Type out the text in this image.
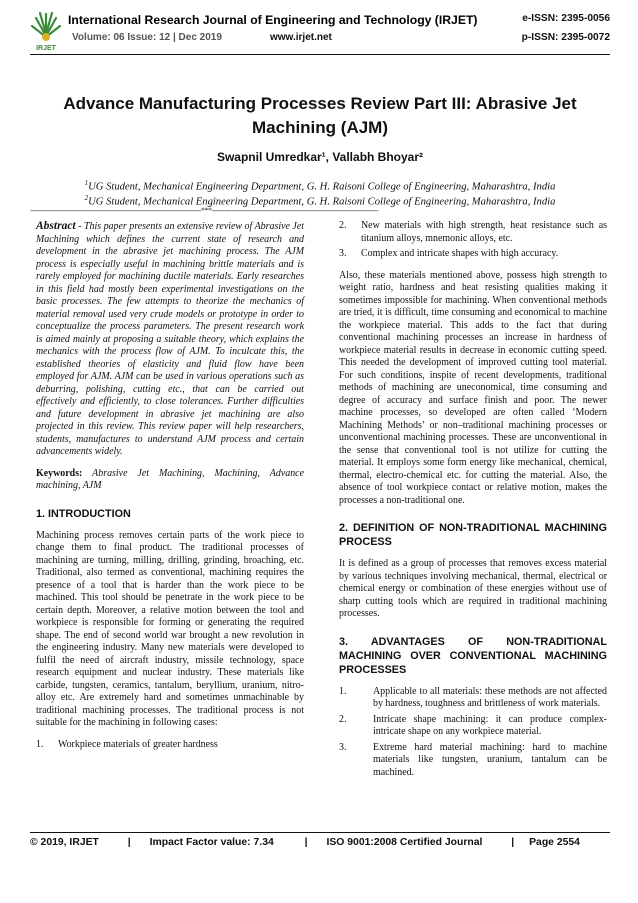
IRJET
International Research Journal of Engineering and Technology (IRJET)	e-ISSN: 2395-0056
Volume: 06 Issue: 12 | Dec 2019	www.irjet.net	p-ISSN: 2395-0072
Advance Manufacturing Processes Review Part III: Abrasive Jet Machining (AJM)
Swapnil Umredkar¹, Vallabh Bhoyar²
$^1$UG Student, Mechanical Engineering Department, G. H. Raisoni College of Engineering, Maharashtra, India
$^2$UG Student, Mechanical Engineering Department, G. H. Raisoni College of Engineering, Maharashtra, India
-------------------------------------------------------------------------------***-----------------------------------------------------------------------------

Abstract - This paper presents an extensive review of Abrasive Jet Machining which defines the current state of research and development in the abrasive jet machining process. The AJM process is especially useful in machining brittle materials and is rarely employed for machining ductile materials. Early researches in this field had mostly been experimental investigations on the basic processes. The few attempts to theorize the mechanics of material removal used very crude models or prototype in order to conceptualize the process parameters. The present research work is aimed mainly at proposing a suitable theory, which explains the mechanics with the process flow of AJM. To inculcate this, the established theories of elasticity and fluid flow have been employed for AJM. AJM can be used in various operations such as deburring, polishing, cutting etc., that can be carried out effectively and efficiently, to close tolerances. Further difficulties and future development in abrasive jet machining are also projected in this review. This review paper will help researchers, students, manufactures to understand AJM process and certain advancements widely.

Keywords: Abrasive Jet Machining, Machining, Advance machining, AJM

1. INTRODUCTION

Machining process removes certain parts of the work piece to change them to final product. The traditional processes of machining are turning, milling, drilling, grinding, broaching, etc. Traditional, also termed as conventional, machining requires the presence of a tool that is harder than the work piece to be machined. This tool should be penetrate in the work piece to be certain depth. Moreover, a relative motion between the tool and workpiece is responsible for forming or generating the required shape. The end of second world war brought a new revolution in the engineering industry. Many new materials were developed to fulfil the need of aircraft industry, missile technology, space research equipment and nuclear industry. These materials like carbide, tungsten, ceramics, tantalum, beryllium, uranium, nitro-alloy etc. Are extremely hard and sometimes unmachinable by traditional machining processes. The traditional process is not suitable for the machining in following cases:

1.	Workpiece materials of greater hardness

2.	New materials with high strength, heat resistance such as titanium alloys, mnemonic alloys, etc.

3.	Complex and intricate shapes with high accuracy.

Also, these materials mentioned above, possess high strength to weight ratio, hardness and heat resisting qualities making it sometimes impossible for machining. When conventional methods are tried, it is difficult, time consuming and economical to machine the workpiece material. This adds to the fact that during conventional machining processes an increase in hardness of workpiece material results in decrease in economic cutting speed. This needed the development of improved cutting tool material. For such conditions, inspite of recent developments, traditional methods of machining are uneconomical, time consuming and degree of accuracy and surface finish and poor. The newer machine processes, so developed are often called ‘Modern Machining Methods’ or non–traditional machining processes or unconventional machining processes. These are unconventional in the sense that conventional tool is not utilize for cutting the material. It employs some form energy like mechanical, chemical, thermal, electro-chemical etc. for cutting the material. Also, the absence of tool workpiece contact or relative motion, makes the processes a non-traditional one.

2. DEFINITION OF NON-TRADITIONAL MACHINING PROCESS

It is defined as a group of processes that removes excess material by various techniques involving mechanical, thermal, electrical or chemical energy or combination of these energies without use of sharp cutting tools which are required in traditional machining processes.

3. ADVANTAGES OF NON-TRADITIONAL MACHINING OVER CONVENTIONAL MACHINING PROCESSES

1.	Applicable to all materials: these methods are not affected by hardness, toughness and brittleness of work materials.

2.	Intricate shape machining: it can produce complex-intricate shape on any workpiece material.

3.	Extreme hard material machining: hard to machine materials like tungsten, uranium, tantalum can be machined.

© 2019, IRJET	| Impact Factor value: 7.34	| ISO 9001:2008 Certified Journal	| Page 2554
